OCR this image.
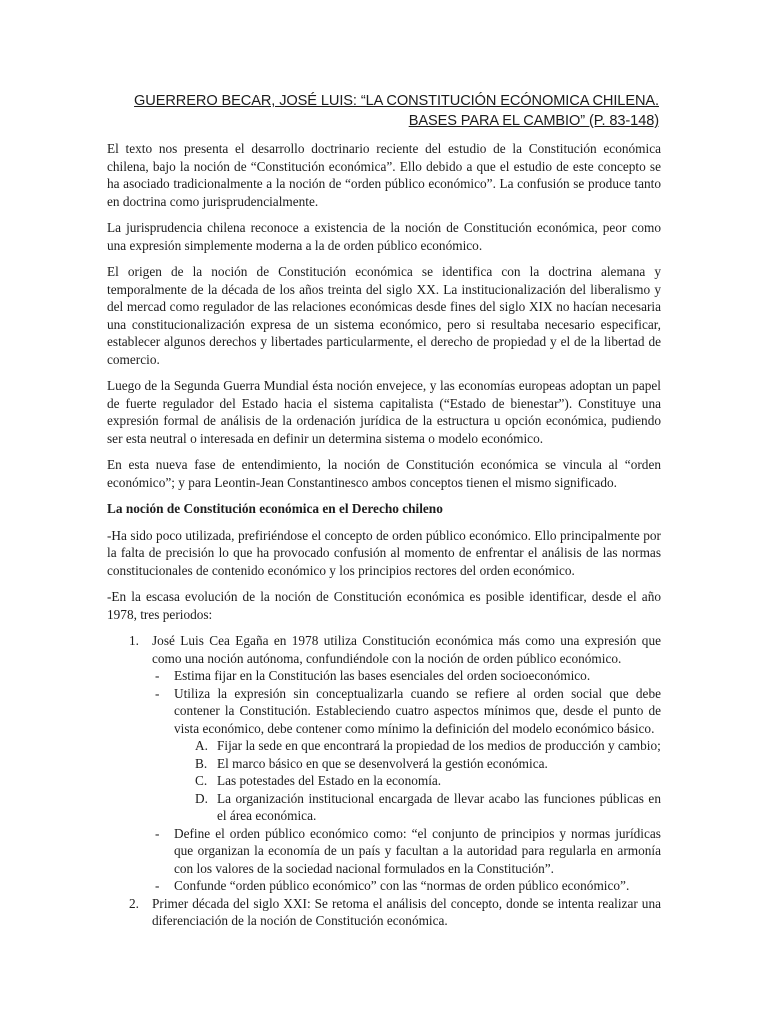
GUERRERO BECAR, JOSÉ LUIS: “LA CONSTITUCIÓN ECÓNOMICA CHILENA. BASES PARA EL CAMBIO” (P. 83-148)

El texto nos presenta el desarrollo doctrinario reciente del estudio de la Constitución económica chilena, bajo la noción de “Constitución económica”. Ello debido a que el estudio de este concepto se ha asociado tradicionalmente a la noción de “orden público económico”. La confusión se produce tanto en doctrina como jurisprudencialmente.

La jurisprudencia chilena reconoce a existencia de la noción de Constitución económica, peor como una expresión simplemente moderna a la de orden público económico.

El origen de la noción de Constitución económica se identifica con la doctrina alemana y temporalmente de la década de los años treinta del siglo XX. La institucionalización del liberalismo y del mercad como regulador de las relaciones económicas desde fines del siglo XIX no hacían necesaria una constitucionalización expresa de un sistema económico, pero si resultaba necesario especificar, establecer algunos derechos y libertades particularmente, el derecho de propiedad y el de la libertad de comercio.

Luego de la Segunda Guerra Mundial ésta noción envejece, y las economías europeas adoptan un papel de fuerte regulador del Estado hacia el sistema capitalista (“Estado de bienestar”). Constituye una expresión formal de análisis de la ordenación jurídica de la estructura u opción económica, pudiendo ser esta neutral o interesada en definir un determina sistema o modelo económico.

En esta nueva fase de entendimiento, la noción de Constitución económica se vincula al “orden económico”; y para Leontin-Jean Constantinesco ambos conceptos tienen el mismo significado.

La noción de Constitución económica en el Derecho chileno

-Ha sido poco utilizada, prefiriéndose el concepto de orden público económico. Ello principalmente por la falta de precisión lo que ha provocado confusión al momento de enfrentar el análisis de las normas constitucionales de contenido económico y los principios rectores del orden económico.

-En la escasa evolución de la noción de Constitución económica es posible identificar, desde el año 1978, tres periodos:

1. José Luis Cea Egaña en 1978 utiliza Constitución económica más como una expresión que como una noción autónoma, confundiéndole con la noción de orden público económico.
- Estima fijar en la Constitución las bases esenciales del orden socioeconómico.
- Utiliza la expresión sin conceptualizarla cuando se refiere al orden social que debe contener la Constitución. Estableciendo cuatro aspectos mínimos que, desde el punto de vista económico, debe contener como mínimo la definición del modelo económico básico.
A. Fijar la sede en que encontrará la propiedad de los medios de producción y cambio;
B. El marco básico en que se desenvolverá la gestión económica.
C. Las potestades del Estado en la economía.
D. La organización institucional encargada de llevar acabo las funciones públicas en el área económica.
- Define el orden público económico como: “el conjunto de principios y normas jurídicas que organizan la economía de un país y facultan a la autoridad para regularla en armonía con los valores de la sociedad nacional formulados en la Constitución”.
- Confunde “orden público económico” con las “normas de orden público económico”.
2. Primer década del siglo XXI: Se retoma el análisis del concepto, donde se intenta realizar una diferenciación de la noción de Constitución económica.
